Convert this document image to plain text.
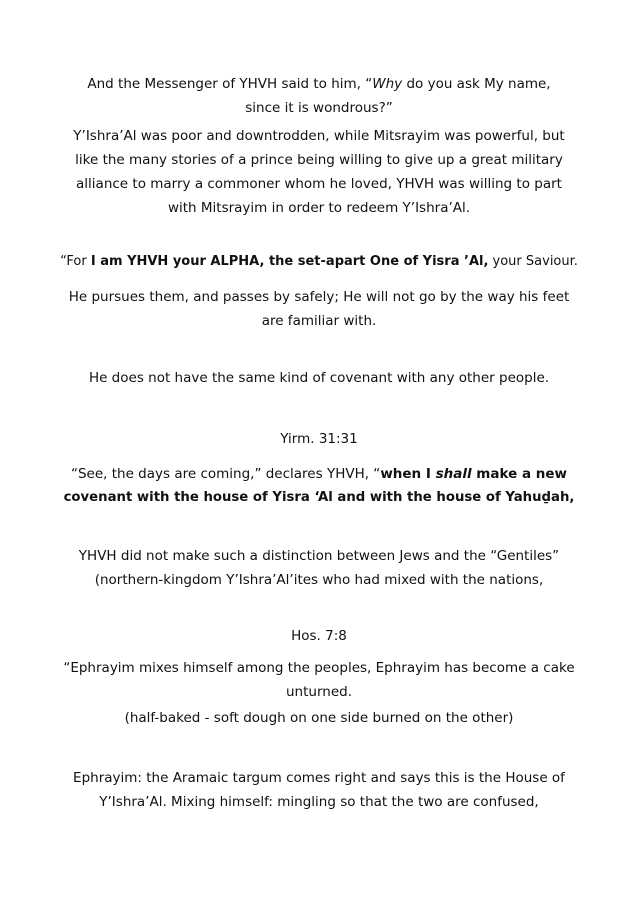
And the Messenger of YHVH said to him, “Why do you ask My name,
since it is wondrous?”
Y’Ishra’Al was poor and downtrodden, while Mitsrayim was powerful, but
like the many stories of a prince being willing to give up a great military
alliance to marry a commoner whom he loved, YHVH was willing to part
with Mitsrayim in order to redeem Y’Ishra’Al.
“For I am YHVH your ALPHA, the set-apart One of Yisra ’Al, your Saviour.
He pursues them, and passes by safely; He will not go by the way his feet
are familiar with.
He does not have the same kind of covenant with any other people.
Yirm. 31:31
“See, the days are coming,” declares YHVH, “when I shall make a new
covenant with the house of Yisra ‘Al and with the house of Yahuḏah,
YHVH did not make such a distinction between Jews and the “Gentiles”
(northern-kingdom Y’Ishra’Al’ites who had mixed with the nations,
Hos. 7:8
“Ephrayim mixes himself among the peoples, Ephrayim has become a cake
unturned.
(half-baked - soft dough on one side burned on the other)
Ephrayim: the Aramaic targum comes right and says this is the House of
Y’Ishra’Al. Mixing himself: mingling so that the two are confused,
